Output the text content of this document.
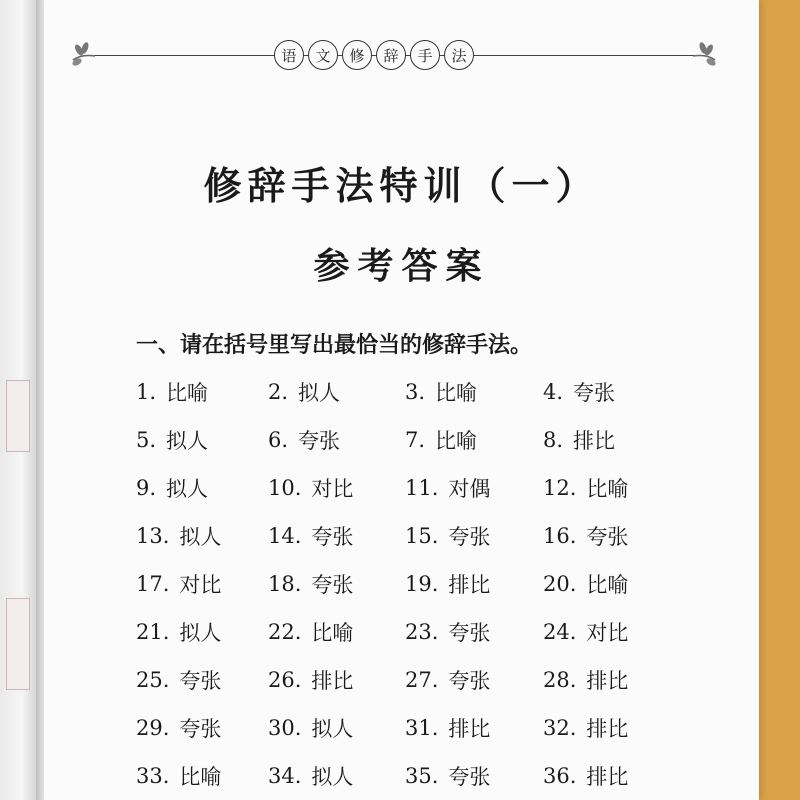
语	文	修	辞	手	法
修辞手法特训（一）
参考答案
一、请在括号里写出最恰当的修辞手法。
1. 比喻	2. 拟人	3. 比喻	4. 夸张
5. 拟人	6. 夸张	7. 比喻	8. 排比
9. 拟人	10. 对比 11. 对偶	12. 比喻
13. 拟人 14. 夸张 15. 夸张	16. 夸张
17. 对比 18. 夸张 19. 排比	20. 比喻
21. 拟人 22. 比喻 23. 夸张	24. 对比
25. 夸张 26. 排比 27. 夸张	28. 排比
29. 夸张 30. 拟人 31. 排比	32. 排比
33. 比喻 34. 拟人 35. 夸张	36. 排比
